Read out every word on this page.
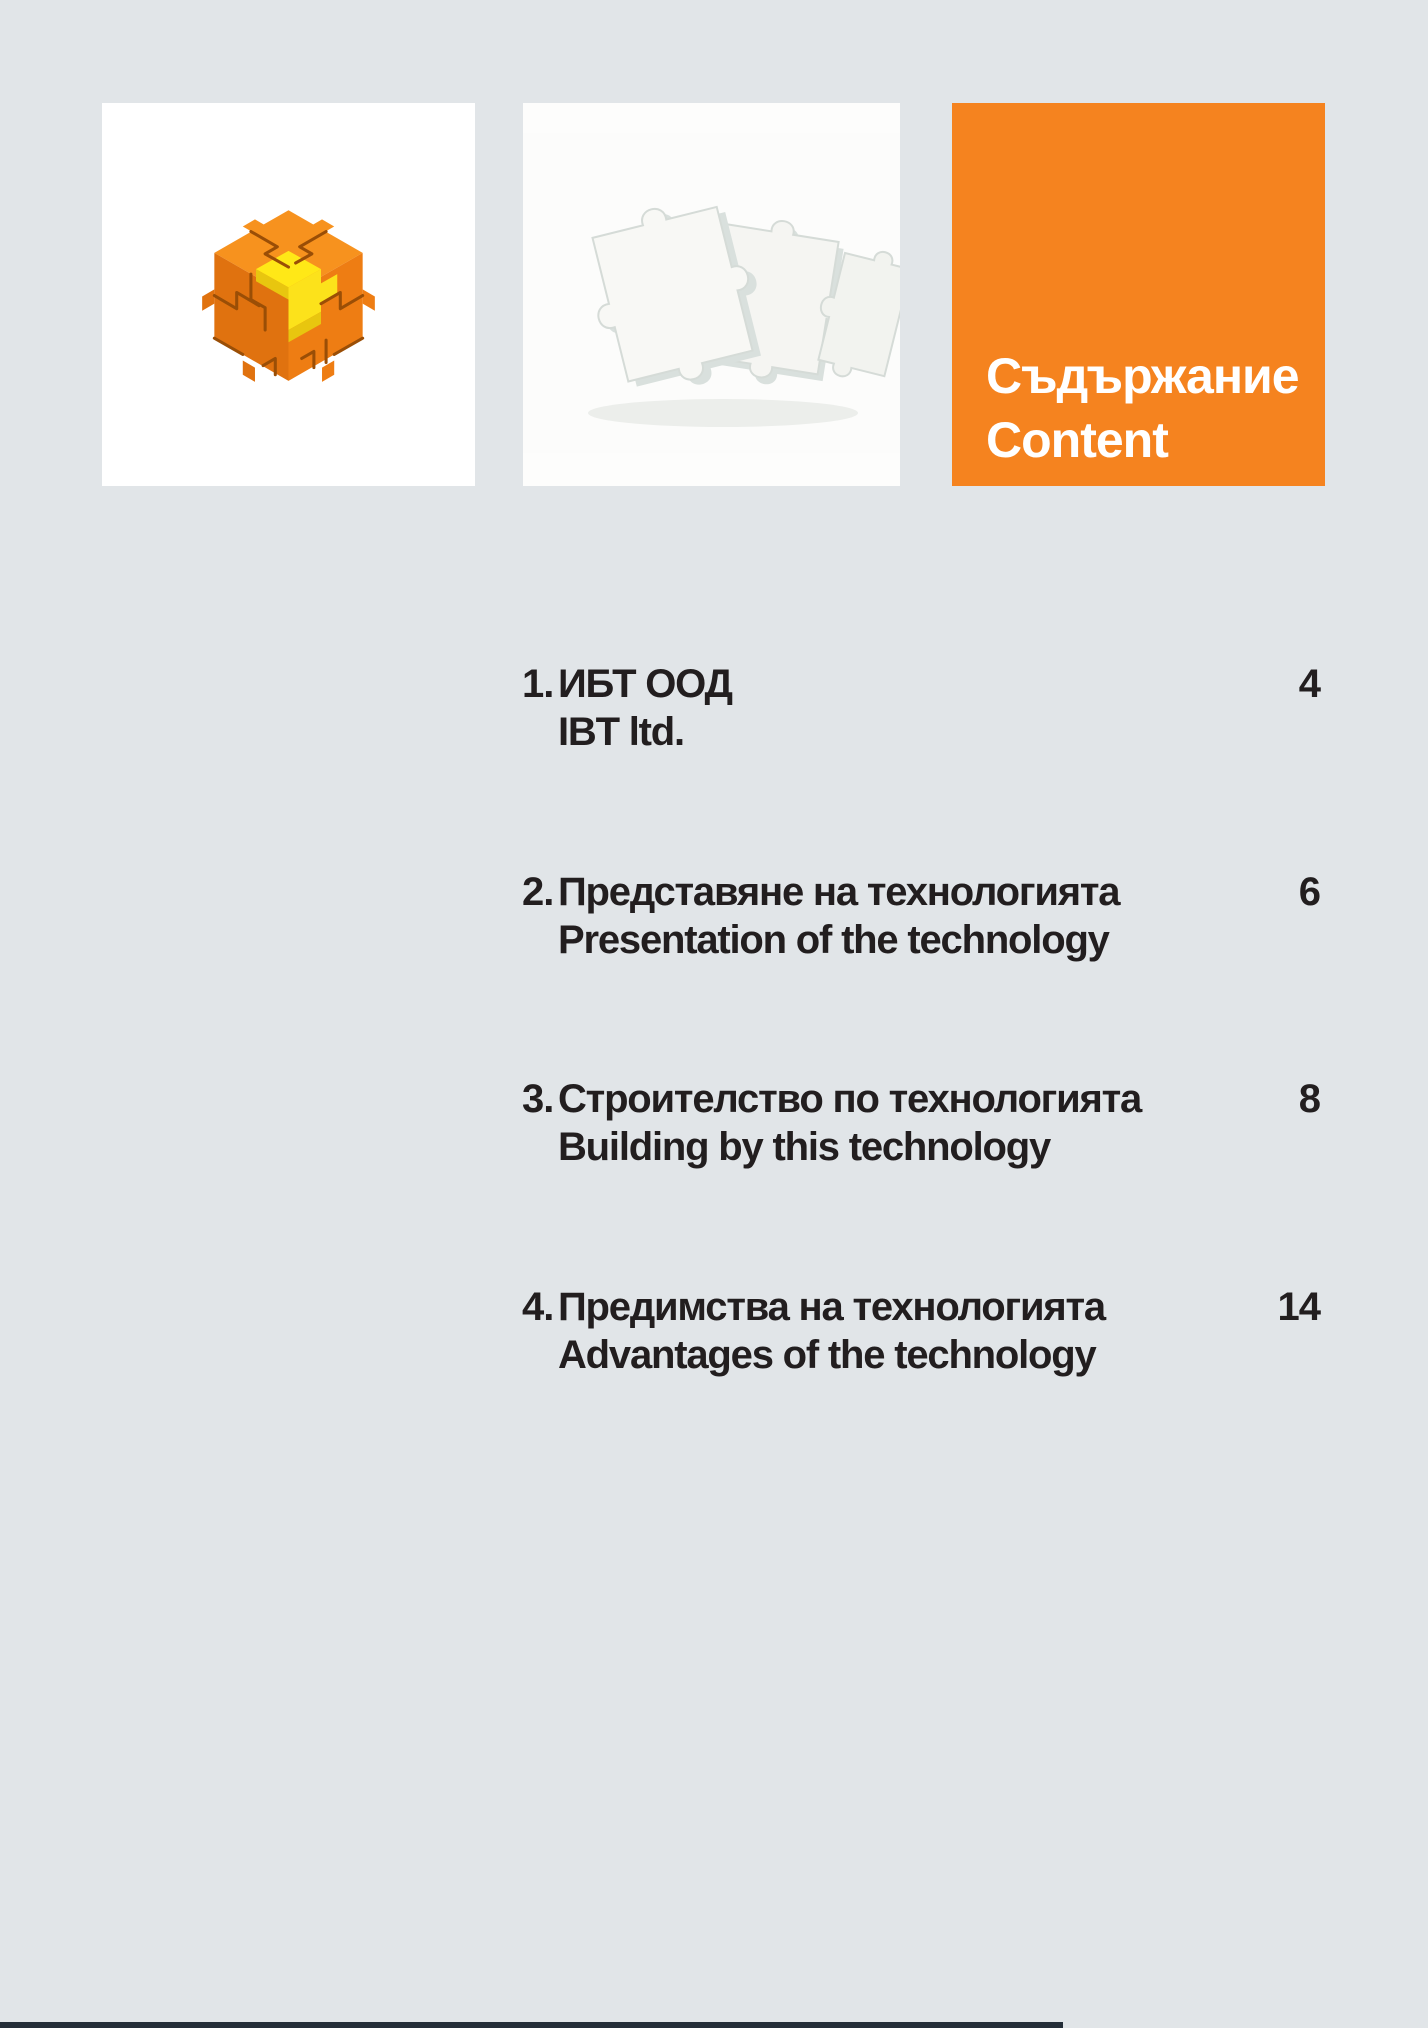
Съдържание
Content
1. ИБТ ООД
IBT ltd.
4
2. Представяне на технологията
Presentation of the technology
6
3. Строителство по технологията
Building by this technology
8
4. Предимства на технологията
Advantages of the technology
14
